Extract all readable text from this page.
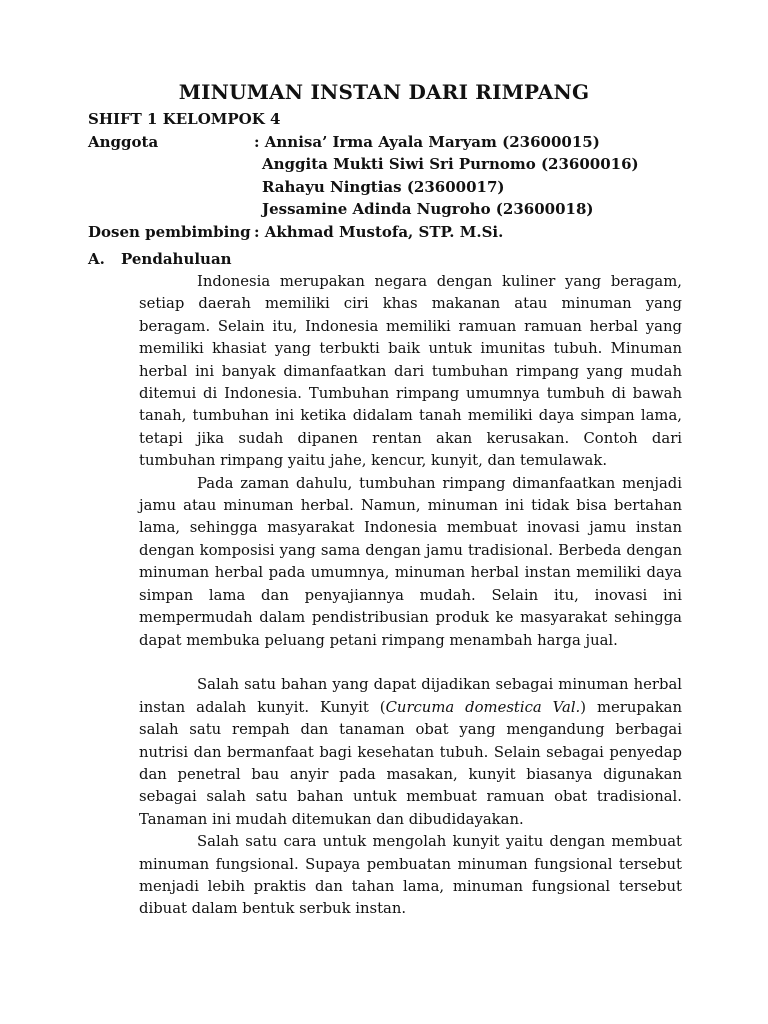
MINUMAN INSTAN DARI RIMPANG
SHIFT 1 KELOMPOK 4
Anggota	: Annisa’ Irma Ayala Maryam (23600015)
Anggita Mukti Siwi Sri Purnomo (23600016)
Rahayu Ningtias (23600017)
Jessamine Adinda Nugroho (23600018)
Dosen pembimbing : Akhmad Mustofa, STP. M.Si.
A. Pendahuluan

Indonesia merupakan negara dengan kuliner yang beragam, setiap daerah memiliki ciri khas makanan atau minuman yang beragam. Selain itu, Indonesia memiliki ramuan ramuan herbal yang memiliki khasiat yang terbukti baik untuk imunitas tubuh. Minuman herbal ini banyak dimanfaatkan dari tumbuhan rimpang yang mudah ditemui di Indonesia. Tumbuhan rimpang umumnya tumbuh di bawah tanah, tumbuhan ini ketika didalam tanah memiliki daya simpan lama, tetapi jika sudah dipanen rentan akan kerusakan. Contoh dari tumbuhan rimpang yaitu jahe, kencur, kunyit, dan temulawak.

Pada zaman dahulu, tumbuhan rimpang dimanfaatkan menjadi jamu atau minuman herbal. Namun, minuman ini tidak bisa bertahan lama, sehingga masyarakat Indonesia membuat inovasi jamu instan dengan komposisi yang sama dengan jamu tradisional. Berbeda dengan minuman herbal pada umumnya, minuman herbal instan memiliki daya simpan lama dan penyajiannya mudah. Selain itu, inovasi ini mempermudah dalam pendistribusian produk ke masyarakat sehingga dapat membuka peluang petani rimpang menambah harga jual.

Salah satu bahan yang dapat dijadikan sebagai minuman herbal instan adalah kunyit. Kunyit (Curcuma domestica Val.) merupakan salah satu rempah dan tanaman obat yang mengandung berbagai nutrisi dan bermanfaat bagi kesehatan tubuh. Selain sebagai penyedap dan penetral bau anyir pada masakan, kunyit biasanya digunakan sebagai salah satu bahan untuk membuat ramuan obat tradisional. Tanaman ini mudah ditemukan dan dibudidayakan.

Salah satu cara untuk mengolah kunyit yaitu dengan membuat minuman fungsional. Supaya pembuatan minuman fungsional tersebut menjadi lebih praktis dan tahan lama, minuman fungsional tersebut dibuat dalam bentuk serbuk instan.
